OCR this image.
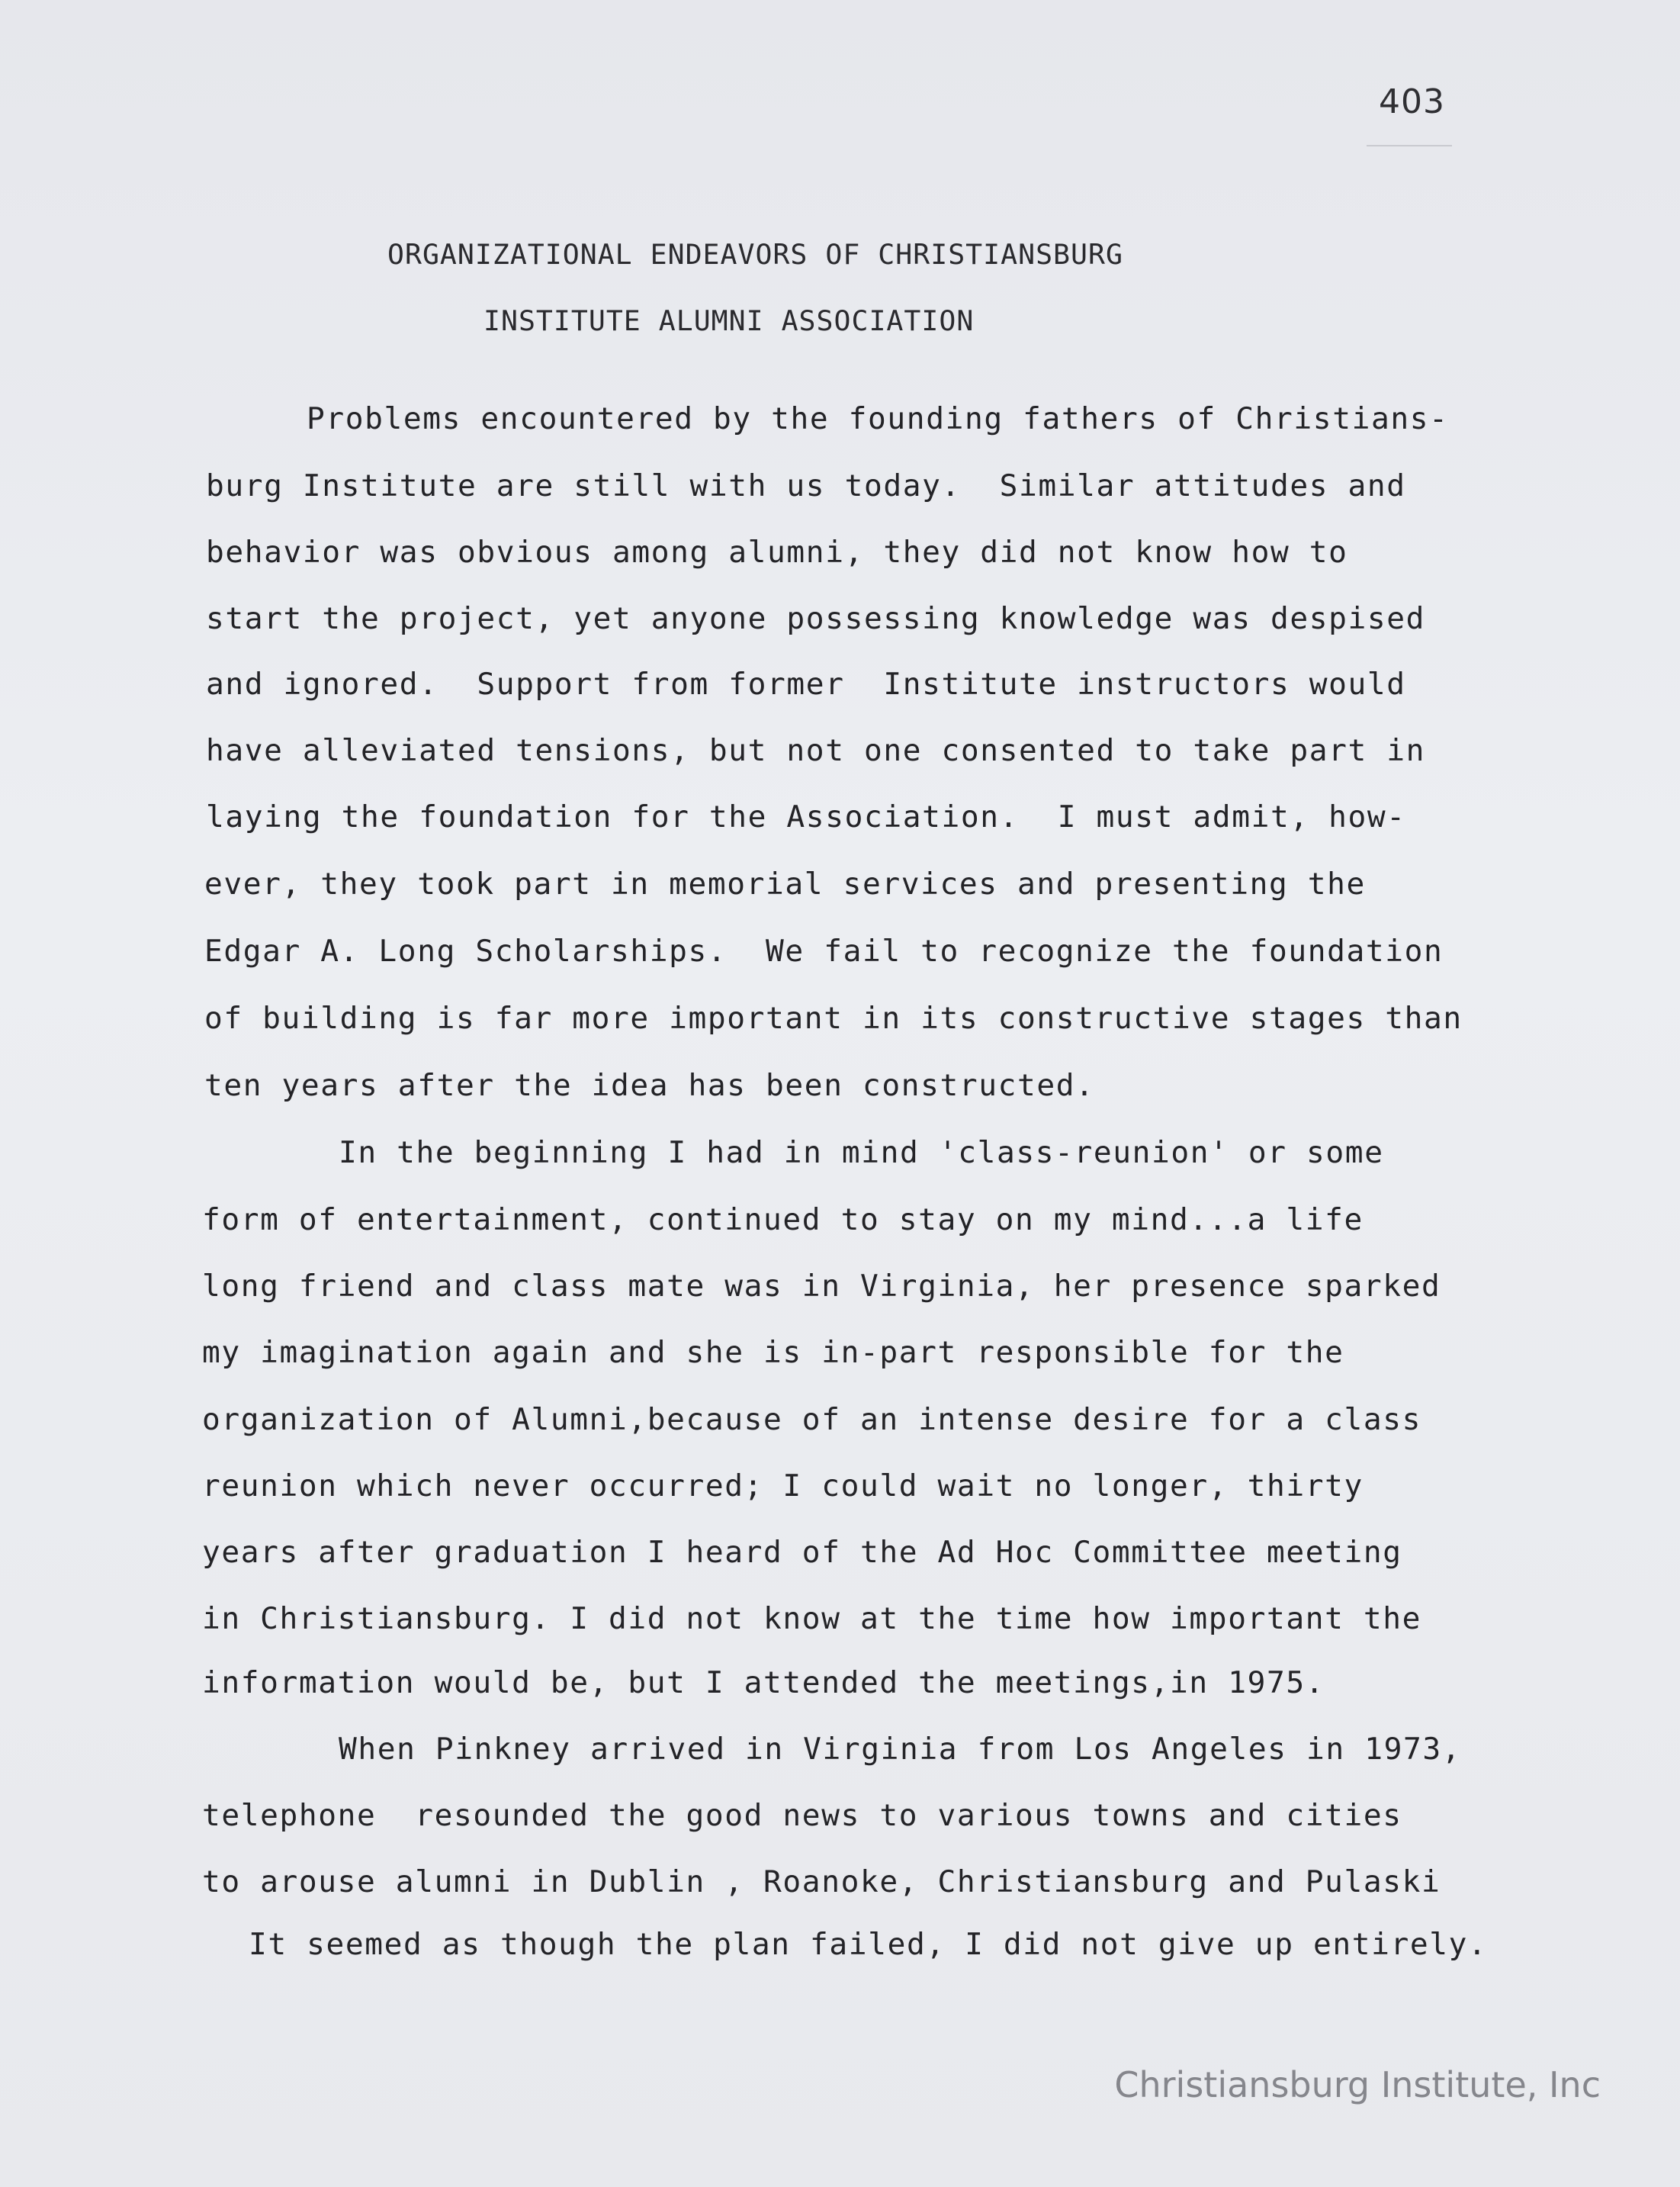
403
ORGANIZATIONAL ENDEAVORS OF CHRISTIANSBURG
INSTITUTE ALUMNI ASSOCIATION
Problems encountered by the founding fathers of Christians-
burg Institute are still with us today.  Similar attitudes and
behavior was obvious among alumni, they did not know how to
start the project, yet anyone possessing knowledge was despised
and ignored.  Support from former  Institute instructors would
have alleviated tensions, but not one consented to take part in
laying the foundation for the Association.  I must admit, how-
ever, they took part in memorial services and presenting the
Edgar A. Long Scholarships.  We fail to recognize the foundation
of building is far more important in its constructive stages than
ten years after the idea has been constructed.
In the beginning I had in mind 'class-reunion' or some
form of entertainment, continued to stay on my mind...a life
long friend and class mate was in Virginia, her presence sparked
my imagination again and she is in-part responsible for the
organization of Alumni,because of an intense desire for a class
reunion which never occurred; I could wait no longer, thirty
years after graduation I heard of the Ad Hoc Committee meeting
in Christiansburg. I did not know at the time how important the
information would be, but I attended the meetings,in 1975.
When Pinkney arrived in Virginia from Los Angeles in 1973,
telephone  resounded the good news to various towns and cities
to arouse alumni in Dublin , Roanoke, Christiansburg and Pulaski
It seemed as though the plan failed, I did not give up entirely.
Christiansburg Institute, Inc
